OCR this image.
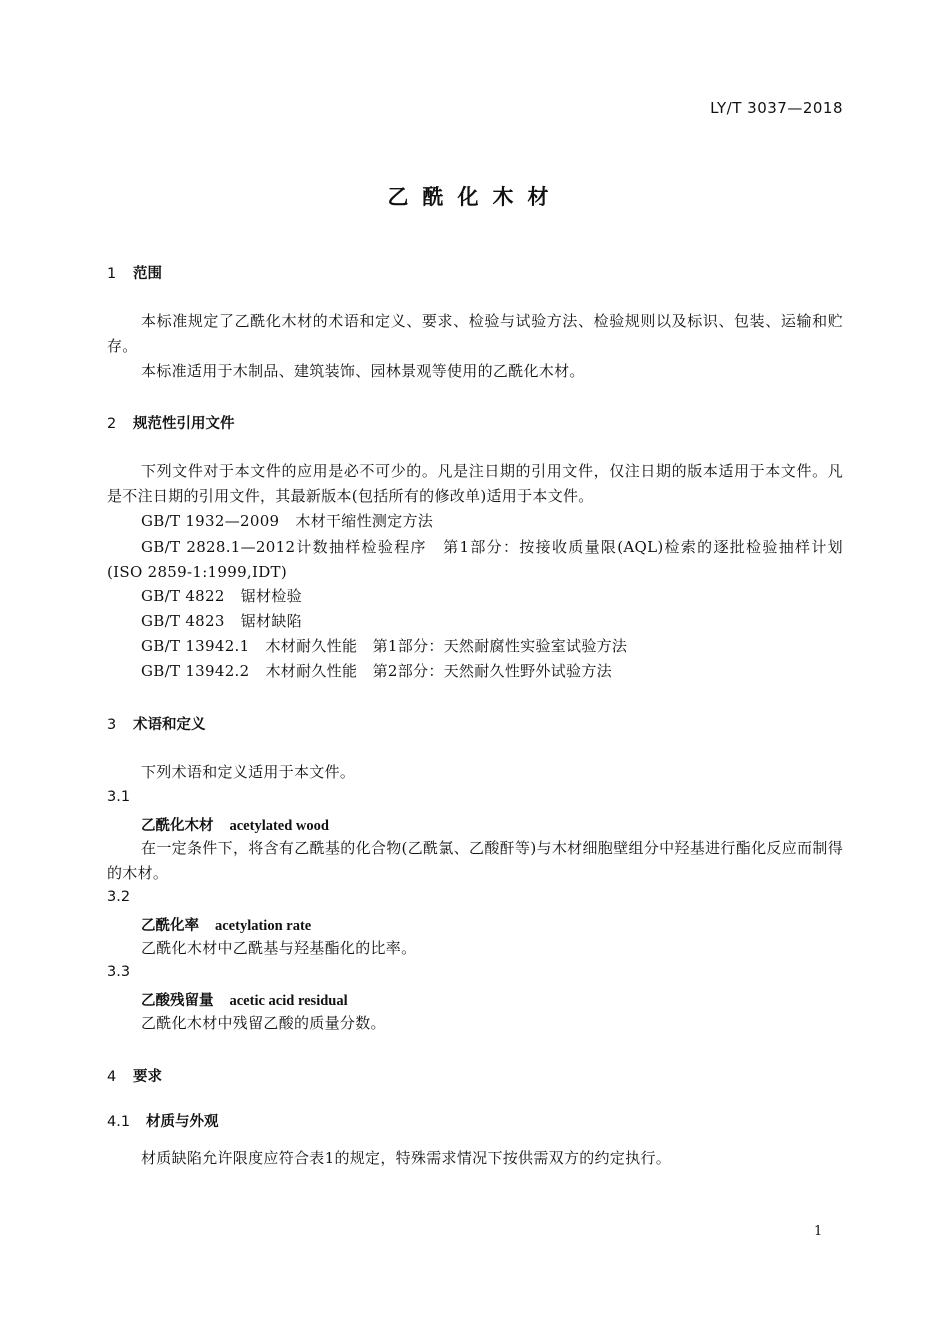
LY/T 3037—2018
乙酰化木材
1 范围
本标准规定了乙酰化木材的术语和定义、要求、检验与试验方法、检验规则以及标识、包装、运输和贮存。
本标准适用于木制品、建筑装饰、园林景观等使用的乙酰化木材。
2 规范性引用文件
下列文件对于本文件的应用是必不可少的。凡是注日期的引用文件，仅注日期的版本适用于本文件。凡是不注日期的引用文件，其最新版本(包括所有的修改单)适用于本文件。
GB/T 1932—2009 木材干缩性测定方法
GB/T 2828.1—2012计数抽样检验程序　第1部分：按接收质量限(AQL)检索的逐批检验抽样计划(ISO 2859-1:1999,IDT)
GB/T 4822 锯材检验
GB/T 4823 锯材缺陷
GB/T 13942.1 木材耐久性能　第1部分：天然耐腐性实验室试验方法
GB/T 13942.2 木材耐久性能　第2部分：天然耐久性野外试验方法
3 术语和定义
下列术语和定义适用于本文件。
3.1
乙酰化木材 acetylated wood
在一定条件下，将含有乙酰基的化合物(乙酰氯、乙酸酐等)与木材细胞壁组分中羟基进行酯化反应而制得的木材。
3.2
乙酰化率 acetylation rate
乙酰化木材中乙酰基与羟基酯化的比率。
3.3
乙酸残留量 acetic acid residual
乙酰化木材中残留乙酸的质量分数。
4 要求
4.1 材质与外观
材质缺陷允许限度应符合表1的规定，特殊需求情况下按供需双方的约定执行。
1
